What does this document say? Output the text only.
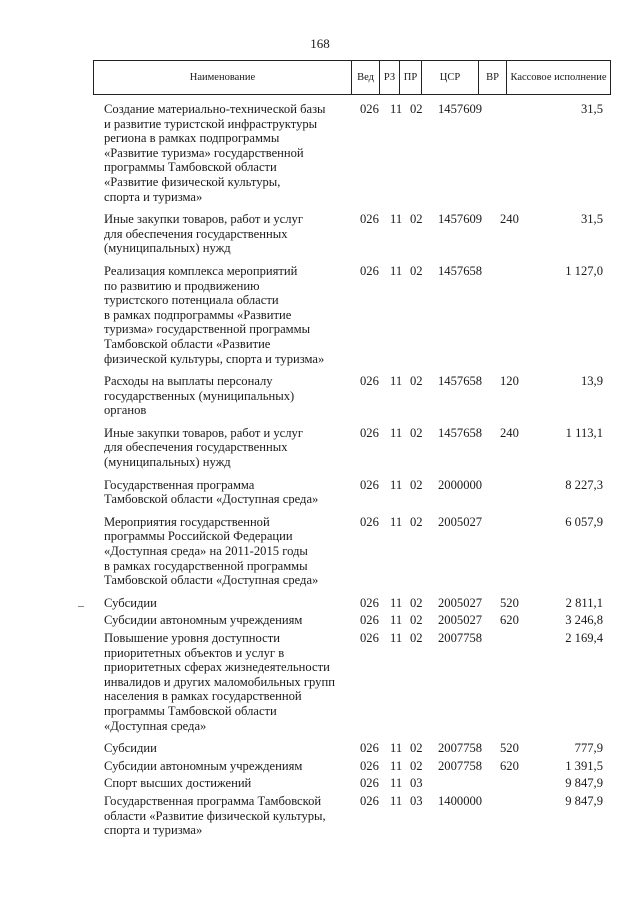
168
Наименование	Вед РЗ ПР	ЦСР	ВР	Кассовое исполнение
Создание материально-технической базы
и развитие туристской инфраструктуры
региона в рамках подпрограммы
«Развитие туризма» государственной
программы Тамбовской области
«Развитие физической культуры,
спорта и туризма»
026 11 02 1457609	31,5
Иные закупки товаров, работ и услуг
для обеспечения государственных
(муниципальных) нужд
026 11 02 1457609 240	31,5
Реализация комплекса мероприятий
по развитию и продвижению
туристского потенциала области
в рамках подпрограммы «Развитие
туризма» государственной программы
Тамбовской области «Развитие
физической культуры, спорта и туризма»
026 11 02 1457658	1 127,0
Расходы на выплаты персоналу
государственных (муниципальных)
органов
026 11 02 1457658 120	13,9
Иные закупки товаров, работ и услуг
для обеспечения государственных
(муниципальных) нужд
026 11 02 1457658 240	1 113,1
Государственная программа
Тамбовской области «Доступная среда»
026 11 02 2000000	8 227,3
Мероприятия государственной
программы Российской Федерации
«Доступная среда» на 2011-2015 годы
в рамках государственной программы
Тамбовской области «Доступная среда»
026 11 02 2005027	6 057,9
Субсидии	026 11 02 2005027 520	2 811,1
Субсидии автономным учреждениям	026 11 02 2005027 620	3 246,8
Повышение уровня доступности
приоритетных объектов и услуг в
приоритетных сферах жизнедеятельности
инвалидов и других маломобильных групп
населения в рамках государственной
программы Тамбовской области
«Доступная среда»
026 11 02 2007758	2 169,4
Субсидии	026 11 02 2007758 520	777,9
Субсидии автономным учреждениям	026 11 02 2007758 620	1 391,5
Спорт высших достижений	026 11 03	9 847,9
Государственная программа Тамбовской
области «Развитие физической культуры,
спорта и туризма»
026 11 03 1400000	9 847,9
